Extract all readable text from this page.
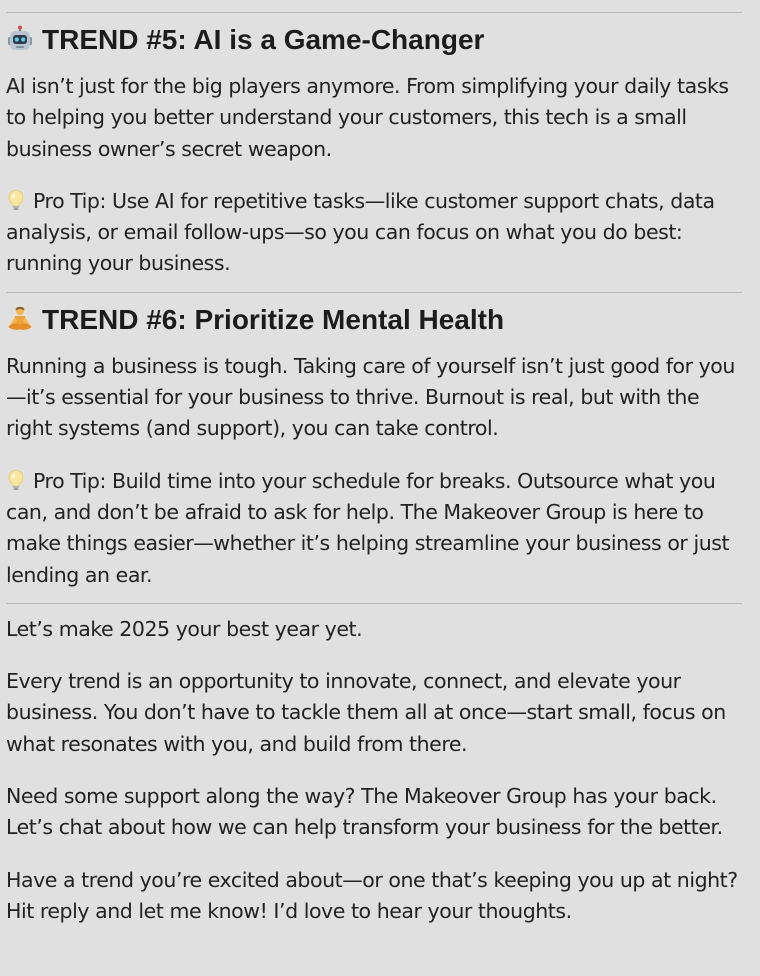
TREND #5: AI is a Game-Changer

AI isn’t just for the big players anymore. From simplifying your daily tasks to helping you better understand your customers, this tech is a small business owner’s secret weapon.

Pro Tip: Use AI for repetitive tasks—like customer support chats, data analysis, or email follow-ups—so you can focus on what you do best: running your business.

TREND #6: Prioritize Mental Health

Running a business is tough. Taking care of yourself isn’t just good for you—it’s essential for your business to thrive. Burnout is real, but with the right systems (and support), you can take control.

Pro Tip: Build time into your schedule for breaks. Outsource what you can, and don’t be afraid to ask for help. The Makeover Group is here to make things easier—whether it’s helping streamline your business or just lending an ear.

Let’s make 2025 your best year yet.

Every trend is an opportunity to innovate, connect, and elevate your business. You don’t have to tackle them all at once—start small, focus on what resonates with you, and build from there.

Need some support along the way? The Makeover Group has your back. Let’s chat about how we can help transform your business for the better.

Have a trend you’re excited about—or one that’s keeping you up at night? Hit reply and let me know! I’d love to hear your thoughts.
